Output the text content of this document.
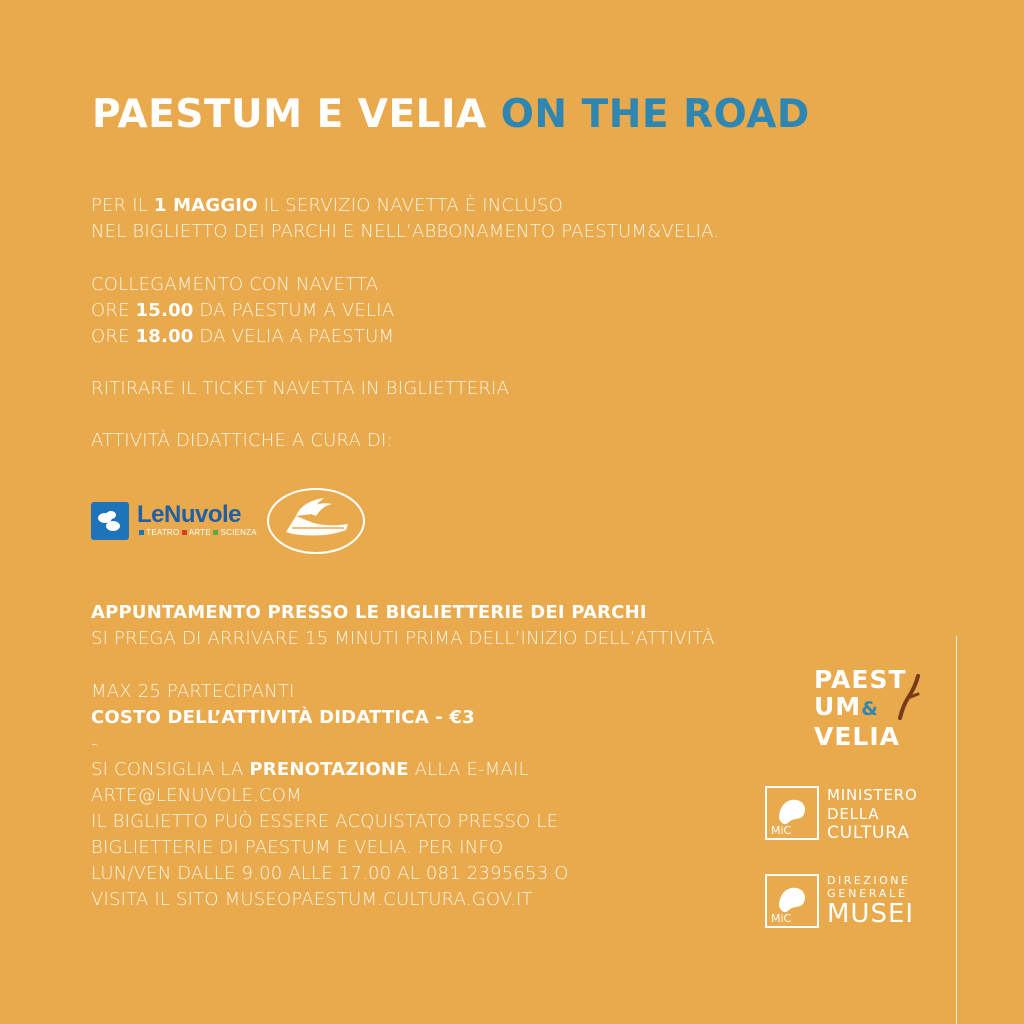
PAESTUM E VELIA ON THE ROAD
PER IL 1 MAGGIO IL SERVIZIO NAVETTA È INCLUSO
NEL BIGLIETTO DEI PARCHI E NELL’ABBONAMENTO PAESTUM&VELIA.
COLLEGAMENTO CON NAVETTA
ORE 15.00 DA PAESTUM A VELIA
ORE 18.00 DA VELIA A PAESTUM
RITIRARE IL TICKET NAVETTA IN BIGLIETTERIA
ATTIVITÀ DIDATTICHE A CURA DI:
LeNuvole
TEATRO ARTE SCIENZA
APPUNTAMENTO PRESSO LE BIGLIETTERIE DEI PARCHI
SI PREGA DI ARRIVARE 15 MINUTI PRIMA DELL’INIZIO DELL’ATTIVITÀ
MAX 25 PARTECIPANTI
COSTO DELL’ATTIVITÀ DIDATTICA - €3
-
SI CONSIGLIA LA PRENOTAZIONE ALLA E-MAIL
ARTE@LENUVOLE.COM
IL BIGLIETTO PUÒ ESSERE ACQUISTATO PRESSO LE
BIGLIETTERIE DI PAESTUM E VELIA. PER INFO
LUN/VEN DALLE 9.00 ALLE 17.00 AL 081 2395653 O
VISITA IL SITO MUSEOPAESTUM.CULTURA.GOV.IT
PAEST
UM&
VELIA
MiC
MINISTERO
DELLA
CULTURA
MiC
DIREZIONE
GENERALE
MUSEI
